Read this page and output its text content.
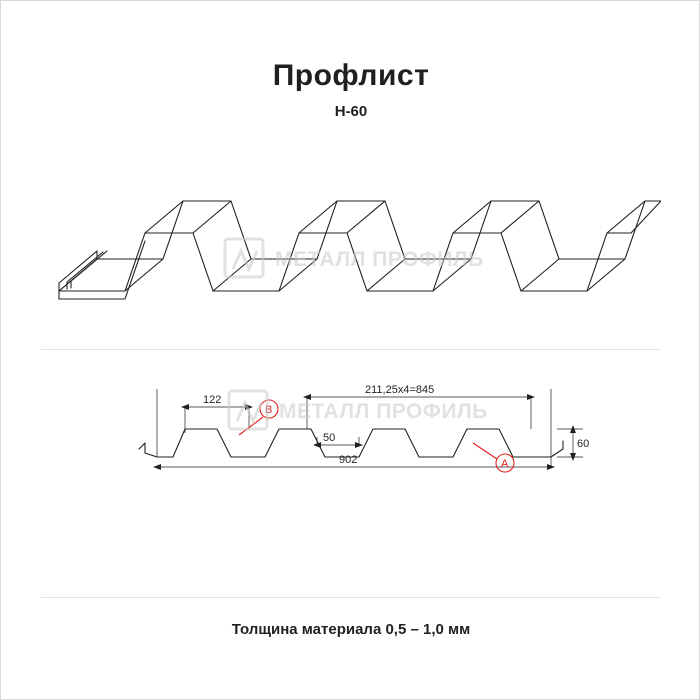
Профлист
H-60
МЕТАЛЛ ПРОФИЛЬ
211,25х4=845
122
50
902
60
B
A
МЕТАЛЛ ПРОФИЛЬ
Толщина материала 0,5 – 1,0 мм
